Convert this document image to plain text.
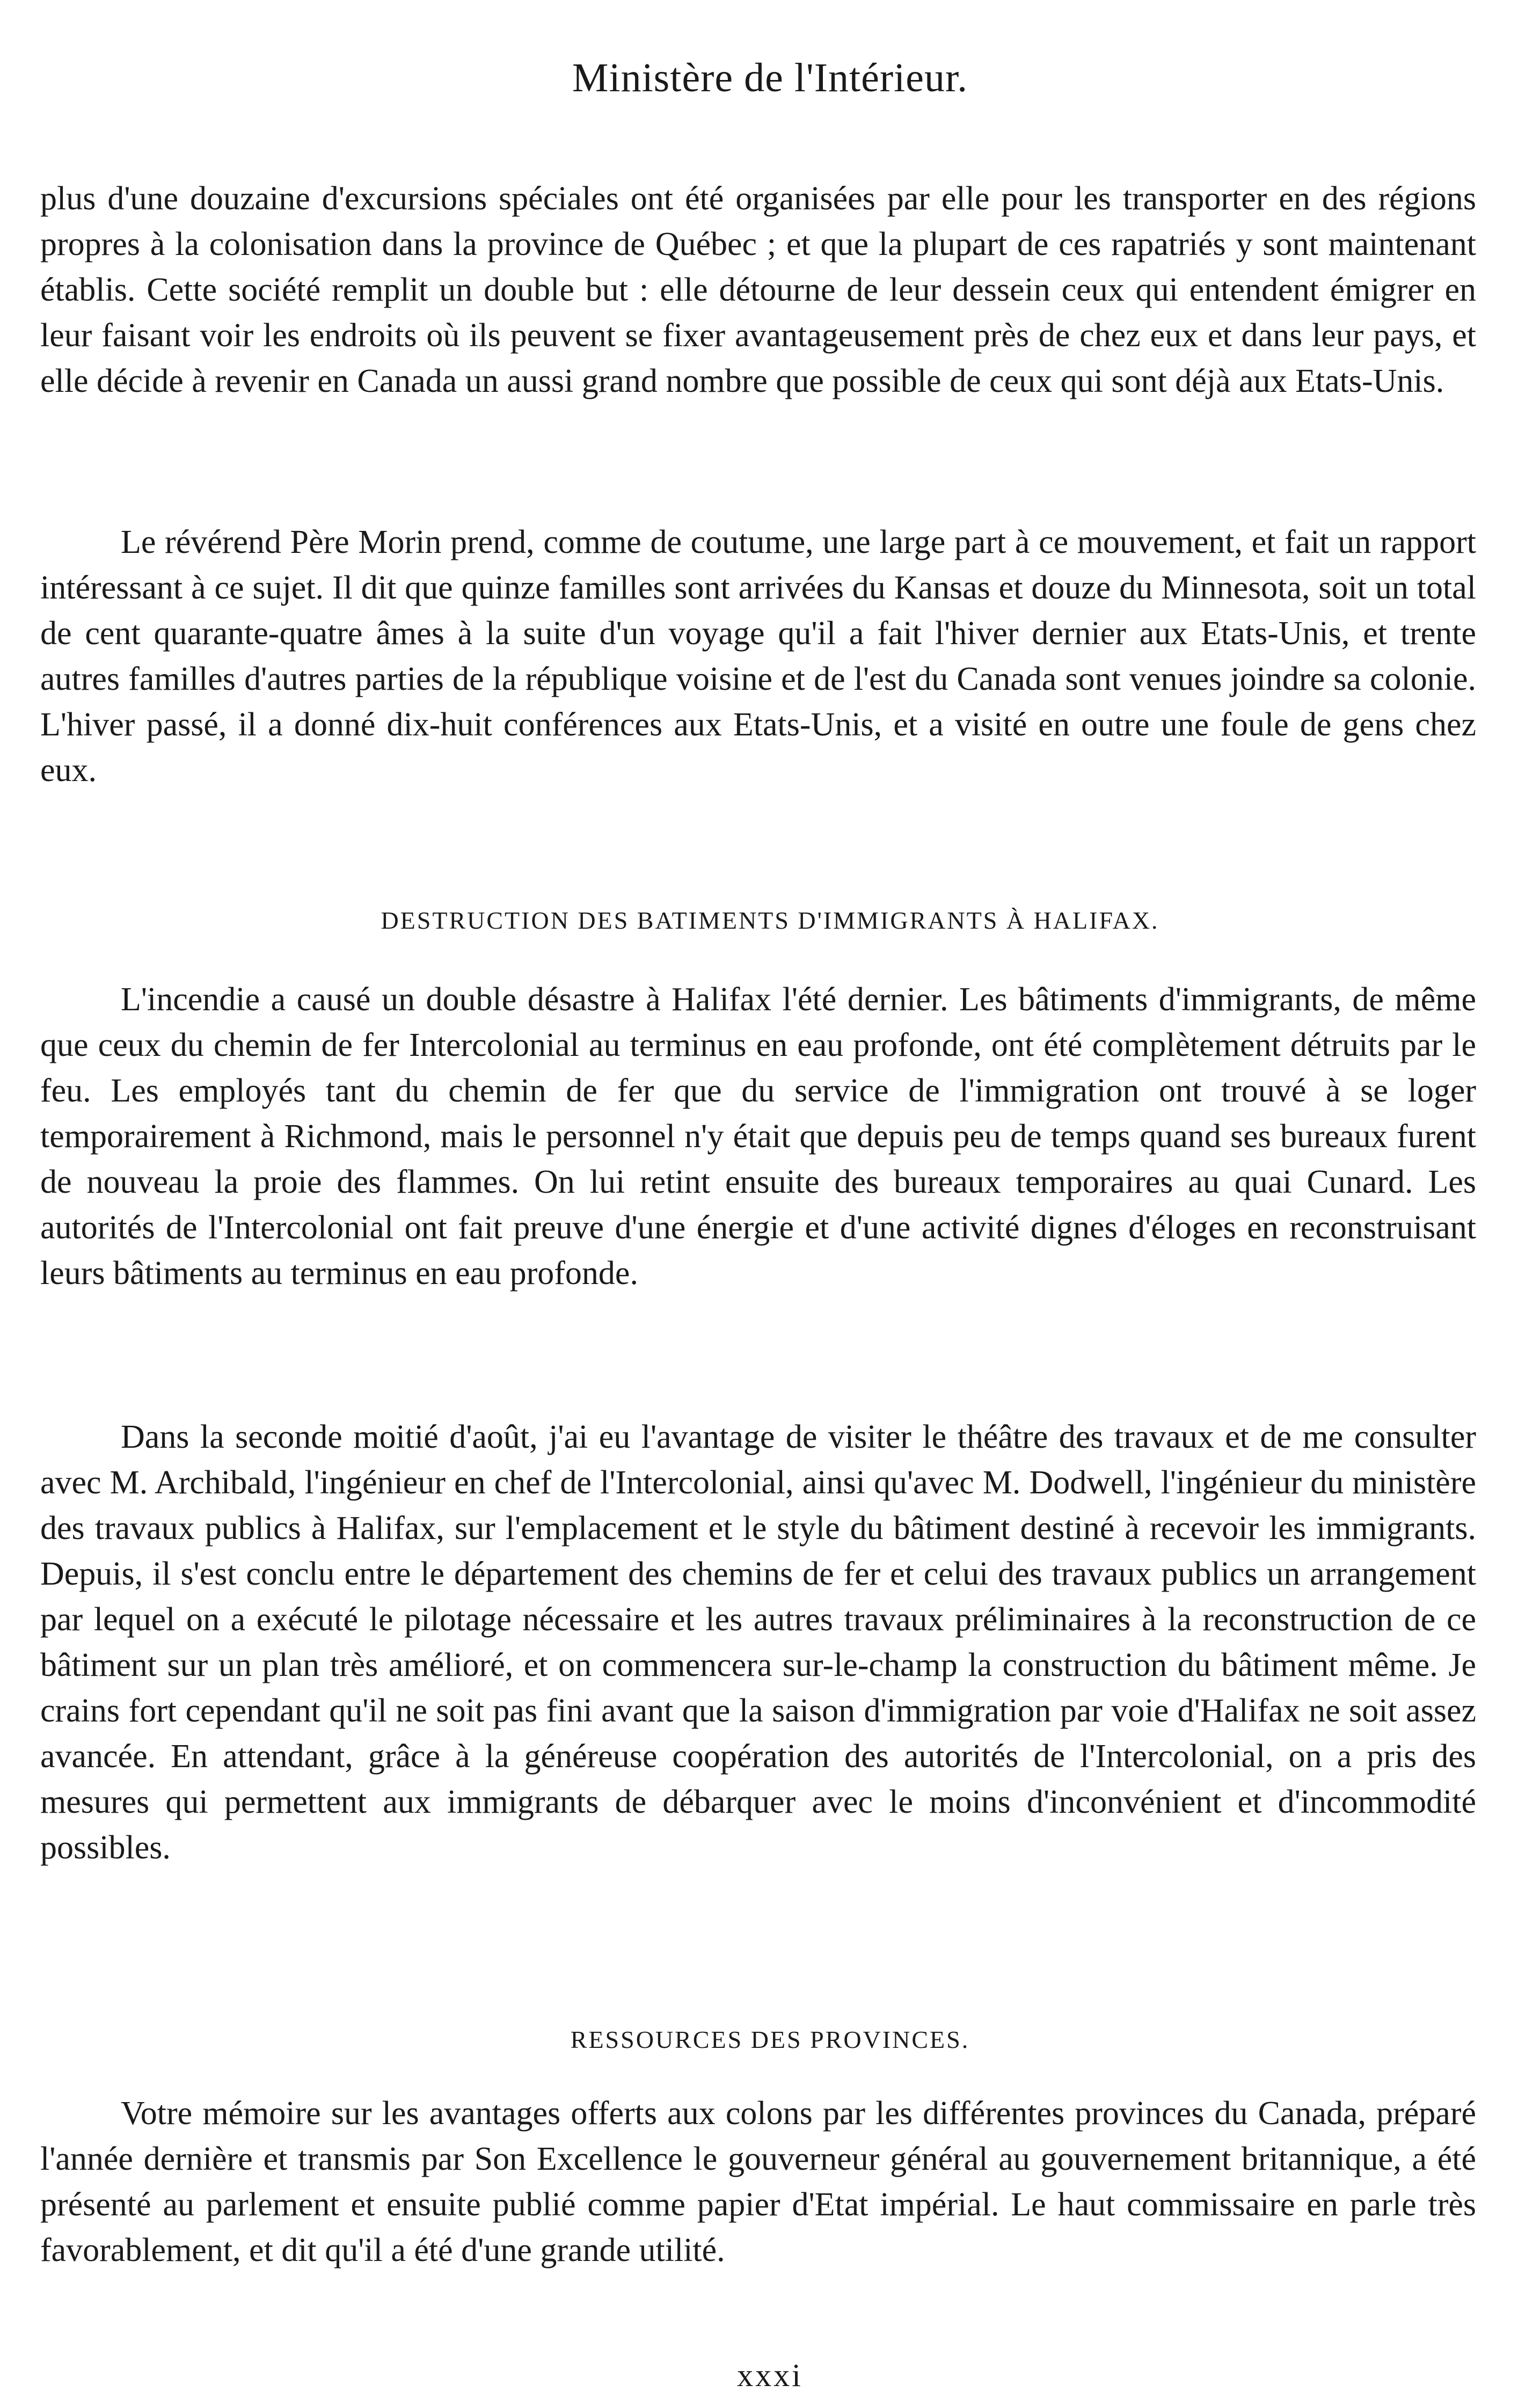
Ministère de l'Intérieur.

plus d'une douzaine d'excursions spéciales ont été organisées par elle pour les transporter en des régions propres à la colonisation dans la province de Québec ; et que la plupart de ces rapatriés y sont maintenant établis. Cette société remplit un double but : elle détourne de leur dessein ceux qui entendent émigrer en leur faisant voir les endroits où ils peuvent se fixer avantageusement près de chez eux et dans leur pays, et elle décide à revenir en Canada un aussi grand nombre que possible de ceux qui sont déjà aux Etats-Unis.

Le révérend Père Morin prend, comme de coutume, une large part à ce mouvement, et fait un rapport intéressant à ce sujet. Il dit que quinze familles sont arrivées du Kansas et douze du Minnesota, soit un total de cent quarante-quatre âmes à la suite d'un voyage qu'il a fait l'hiver dernier aux Etats-Unis, et trente autres familles d'autres parties de la république voisine et de l'est du Canada sont venues joindre sa colonie. L'hiver passé, il a donné dix-huit conférences aux Etats-Unis, et a visité en outre une foule de gens chez eux.

DESTRUCTION DES BATIMENTS D'IMMIGRANTS À HALIFAX.

L'incendie a causé un double désastre à Halifax l'été dernier. Les bâtiments d'immigrants, de même que ceux du chemin de fer Intercolonial au terminus en eau profonde, ont été complètement détruits par le feu. Les employés tant du chemin de fer que du service de l'immigration ont trouvé à se loger temporairement à Richmond, mais le personnel n'y était que depuis peu de temps quand ses bureaux furent de nouveau la proie des flammes. On lui retint ensuite des bureaux temporaires au quai Cunard. Les autorités de l'Intercolonial ont fait preuve d'une énergie et d'une activité dignes d'éloges en reconstruisant leurs bâtiments au terminus en eau profonde.

Dans la seconde moitié d'août, j'ai eu l'avantage de visiter le théâtre des travaux et de me consulter avec M. Archibald, l'ingénieur en chef de l'Intercolonial, ainsi qu'avec M. Dodwell, l'ingénieur du ministère des travaux publics à Halifax, sur l'emplacement et le style du bâtiment destiné à recevoir les immigrants. Depuis, il s'est conclu entre le département des chemins de fer et celui des travaux publics un arrangement par lequel on a exécuté le pilotage nécessaire et les autres travaux préliminaires à la reconstruction de ce bâtiment sur un plan très amélioré, et on commencera sur-le-champ la construction du bâtiment même. Je crains fort cependant qu'il ne soit pas fini avant que la saison d'immigration par voie d'Halifax ne soit assez avancée. En attendant, grâce à la généreuse coopération des autorités de l'Intercolonial, on a pris des mesures qui permettent aux immigrants de débarquer avec le moins d'inconvénient et d'incommodité possibles.

RESSOURCES DES PROVINCES.

Votre mémoire sur les avantages offerts aux colons par les différentes provinces du Canada, préparé l'année dernière et transmis par Son Excellence le gouverneur général au gouvernement britannique, a été présenté au parlement et ensuite publié comme papier d'Etat impérial. Le haut commissaire en parle très favorablement, et dit qu'il a été d'une grande utilité.

xxxi
